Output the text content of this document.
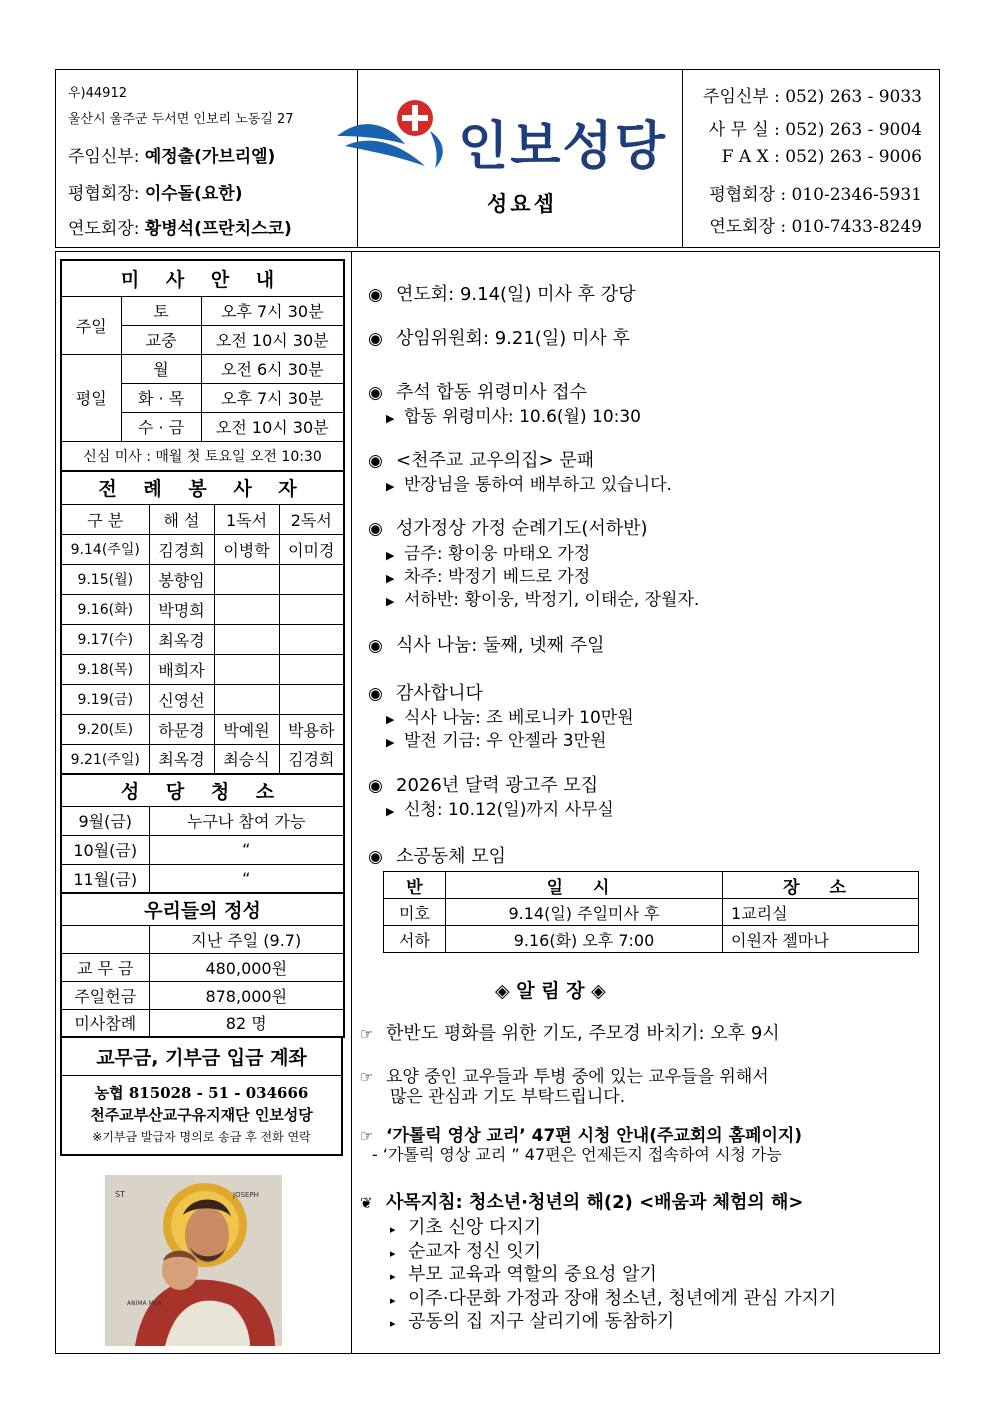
우)44912
울산시 울주군 두서면 인보리 노동길 27
주임신부: 예정출(가브리엘)
평협회장: 이수돌(요한)
연도회장: 황병석(프란치스코)
인보성당
성요셉
주임신부 : 052) 263 - 9033
사 무 실 : 052) 263 - 9004
F A X : 052) 263 - 9006
평협회장 : 010-2346-5931
연도회장 : 010-7433-8249
미 사 안 내		
주일	토	오후 7시 30분
	교중	오전 10시 30분
평일	월	오전 6시 30분
	화 · 목	오후 7시 30분
	수 · 금	오전 10시 30분
신심 미사 : 매월 첫 토요일 오전 10:30		
전 례 봉 사 자			
구 분	해 설	1독서	2독서
9.14(주일)	김경희	이병학	이미경
9.15(월)	봉향임		
9.16(화)	박명희		
9.17(수)	최옥경		
9.18(목)	배희자		
9.19(금)	신영선		
9.20(토)	하문경	박예원	박용하
9.21(주일)	최옥경	최승식	김경희
성 당 청 소	
9월(금)	누구나 참여 가능
10월(금)	“
11월(금)	“
우리들의 정성	
	지난 주일 (9.7)
교 무 금	480,000원
주일헌금	878,000원
미사참례	82 명
교무금, 기부금 입금 계좌

농협 815028 - 51 - 034666
천주교부산교구유지재단 인보성당
※기부금 발급자 명의로 송금 후 전화 연락
ST	JOSEPH
ANIMA MEA
◉ 연도회: 9.14(일) 미사 후 강당
◉ 상임위원회: 9.21(일) 미사 후
◉ 추석 합동 위령미사 접수
▶ 합동 위령미사: 10.6(월) 10:30
◉ <천주교 교우의집> 문패
▶ 반장님을 통하여 배부하고 있습니다.
◉ 성가정상 가정 순례기도(서하반)
▶ 금주: 황이웅 마태오 가정
▶ 차주: 박정기 베드로 가정
▶ 서하반: 황이웅, 박정기, 이태순, 장월자.
◉ 식사 나눔: 둘째, 넷째 주일
◉ 감사합니다
▶ 식사 나눔: 조 베로니카 10만원
▶ 발전 기금: 우 안젤라 3만원
◉ 2026년 달력 광고주 모집
▶ 신청: 10.12(일)까지 사무실
◉ 소공동체 모임
반	일 시	장 소
미호	9.14(일) 주일미사 후	1교리실
서하	9.16(화) 오후 7:00	이원자 젤마나
◈ 알 림 장 ◈
☞ 한반도 평화를 위한 기도, 주모경 바치기: 오후 9시
☞ 요양 중인 교우들과 투병 중에 있는 교우들을 위해서
많은 관심과 기도 부탁드립니다.
☞ ‘가톨릭 영상 교리’ 47편 시청 안내(주교회의 홈페이지)
- ‘가톨릭 영상 교리 ” 47편은 언제든지 접속하여 시청 가능
❦ 사목지침: 청소년·청년의 해(2) <배움과 체험의 해>
▸ 기초 신앙 다지기
▸ 순교자 정신 잇기
▸ 부모 교육과 역할의 중요성 알기
▸ 이주·다문화 가정과 장애 청소년, 청년에게 관심 가지기
▸ 공동의 집 지구 살리기에 동참하기
